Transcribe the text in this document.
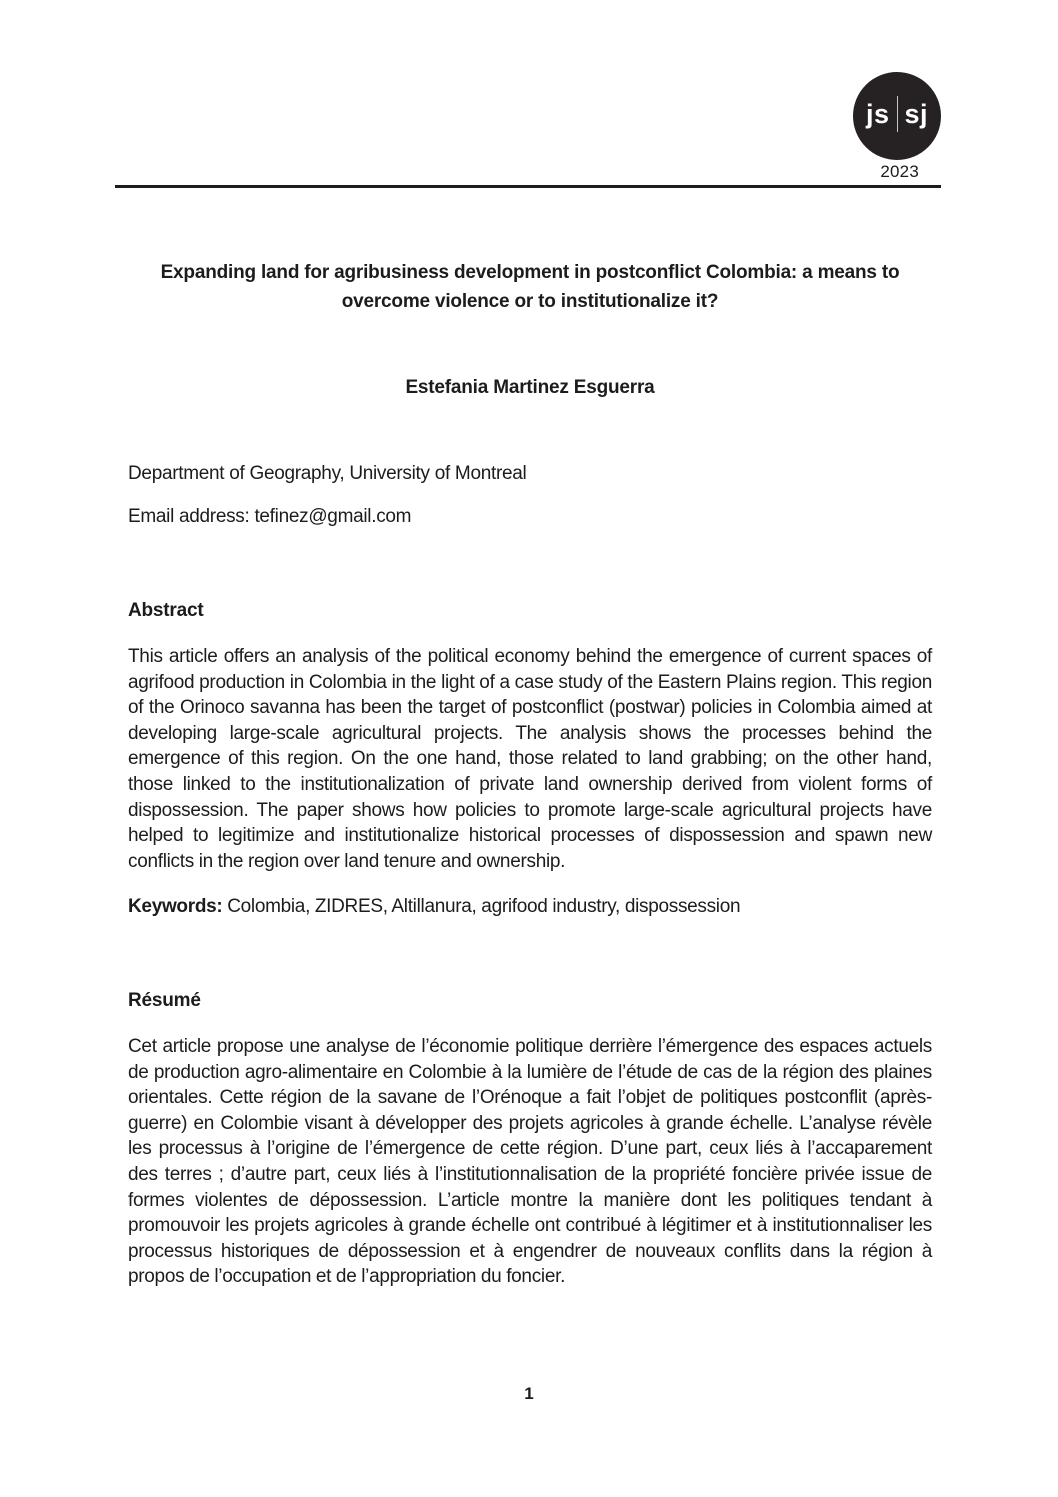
js sj
2023
Expanding land for agribusiness development in postconflict Colombia: a means to overcome violence or to institutionalize it?

Estefania Martinez Esguerra

Department of Geography, University of Montreal

Email address: tefinez@gmail.com

Abstract

This article offers an analysis of the political economy behind the emergence of current spaces of agrifood production in Colombia in the light of a case study of the Eastern Plains region. This region of the Orinoco savanna has been the target of postconflict (postwar) policies in Colombia aimed at developing large-scale agricultural projects. The analysis shows the processes behind the emergence of this region. On the one hand, those related to land grabbing; on the other hand, those linked to the institutionalization of private land ownership derived from violent forms of dispossession. The paper shows how policies to promote large-scale agricultural projects have helped to legitimize and institutionalize historical processes of dispossession and spawn new conflicts in the region over land tenure and ownership.

Keywords: Colombia, ZIDRES, Altillanura, agrifood industry, dispossession

Résumé

Cet article propose une analyse de l’économie politique derrière l’émergence des espaces actuels de production agro-alimentaire en Colombie à la lumière de l’étude de cas de la région des plaines orientales. Cette région de la savane de l’Orénoque a fait l’objet de politiques postconflit (après-guerre) en Colombie visant à développer des projets agricoles à grande échelle. L’analyse révèle les processus à l’origine de l’émergence de cette région. D’une part, ceux liés à l’accaparement des terres ; d’autre part, ceux liés à l’institutionnalisation de la propriété foncière privée issue de formes violentes de dépossession. L’article montre la manière dont les politiques tendant à promouvoir les projets agricoles à grande échelle ont contribué à légitimer et à institutionnaliser les processus historiques de dépossession et à engendrer de nouveaux conflits dans la région à propos de l’occupation et de l’appropriation du foncier.

1
